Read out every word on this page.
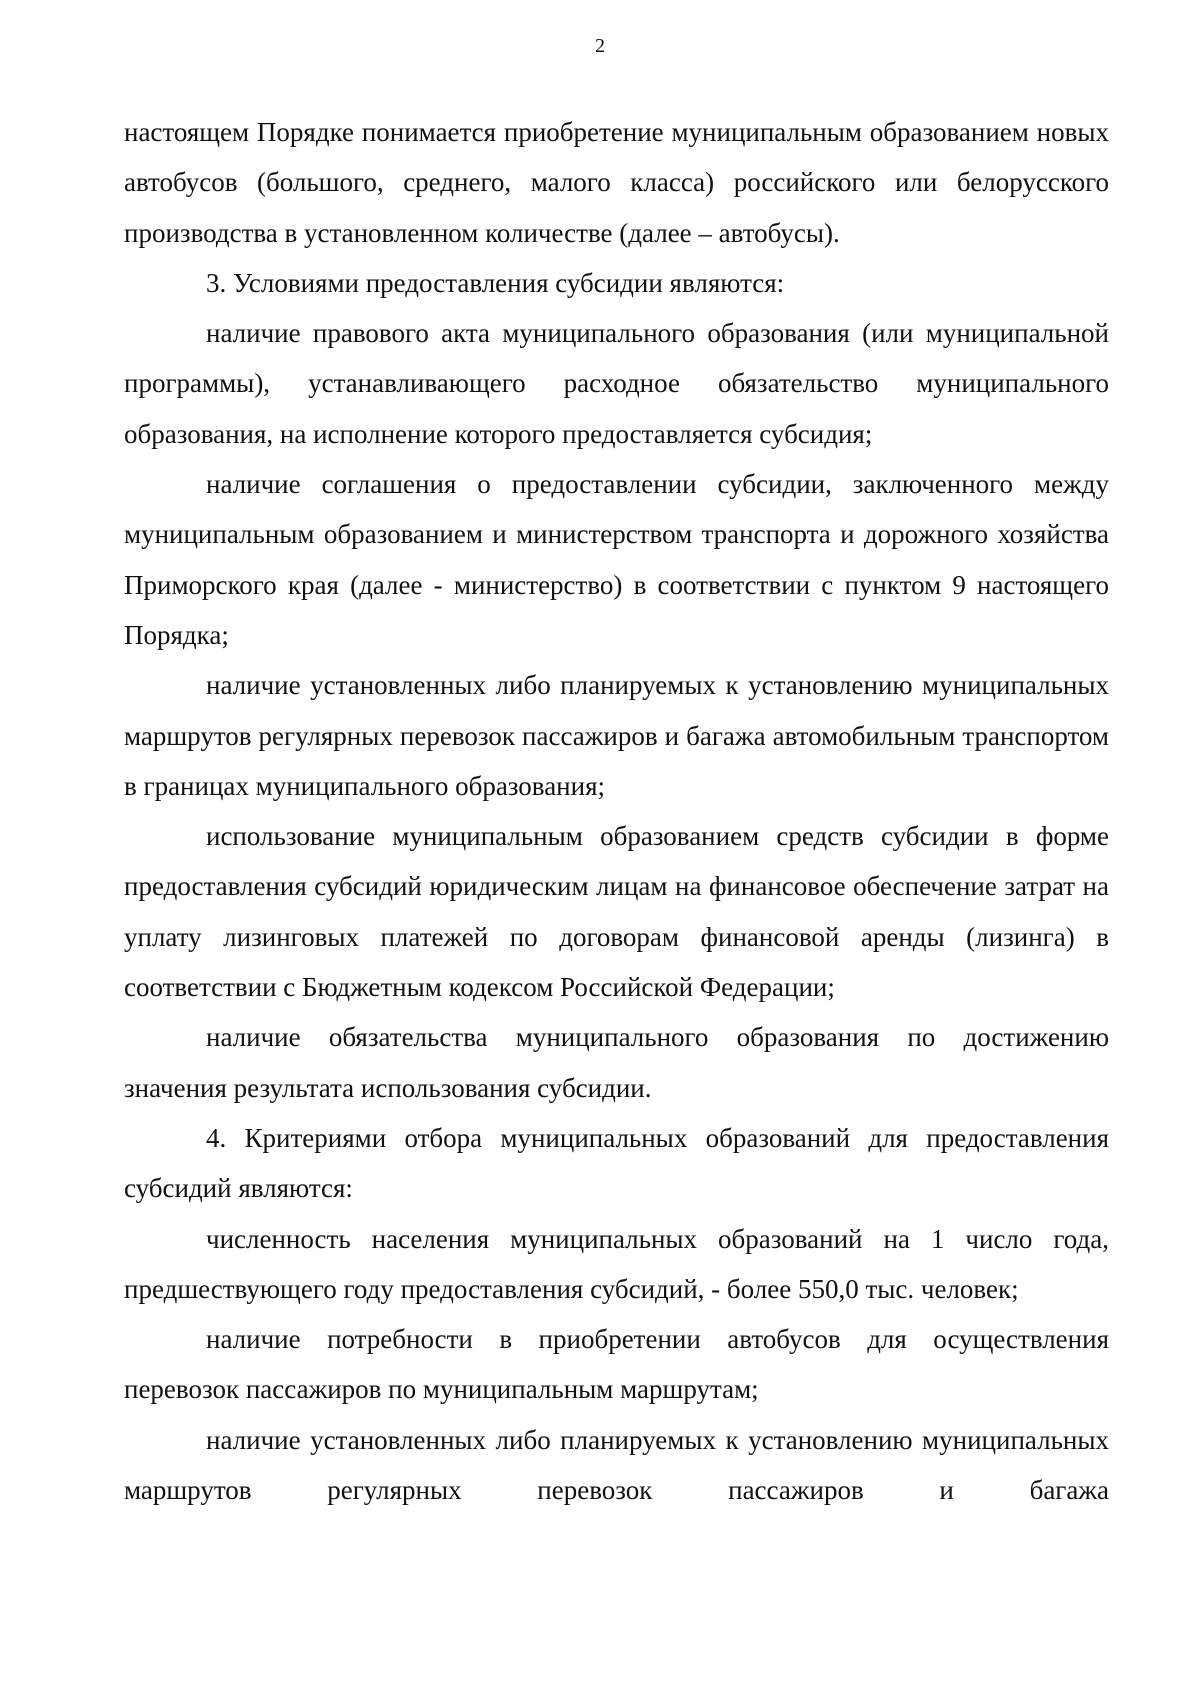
2

настоящем Порядке понимается приобретение муниципальным образованием новых автобусов (большого, среднего, малого класса) российского или белорусского производства в установленном количестве (далее – автобусы).

3. Условиями предоставления субсидии являются:

наличие правового акта муниципального образования (или муниципальной программы), устанавливающего расходное обязательство муниципального образования, на исполнение которого предоставляется субсидия;

наличие соглашения о предоставлении субсидии, заключенного между муниципальным образованием и министерством транспорта и дорожного хозяйства Приморского края (далее - министерство) в соответствии с пунктом 9 настоящего Порядка;

наличие установленных либо планируемых к установлению муниципальных маршрутов регулярных перевозок пассажиров и багажа автомобильным транспортом в границах муниципального образования;

использование муниципальным образованием средств субсидии в форме предоставления субсидий юридическим лицам на финансовое обеспечение затрат на уплату лизинговых платежей по договорам финансовой аренды (лизинга) в соответствии с Бюджетным кодексом Российской Федерации;

наличие обязательства муниципального образования по достижению значения результата использования субсидии.

4. Критериями отбора муниципальных образований для предоставления субсидий являются:

численность населения муниципальных образований на 1 число года, предшествующего году предоставления субсидий, - более 550,0 тыс. человек;

наличие потребности в приобретении автобусов для осуществления перевозок пассажиров по муниципальным маршрутам;

наличие установленных либо планируемых к установлению муниципальных маршрутов регулярных перевозок пассажиров и багажа
